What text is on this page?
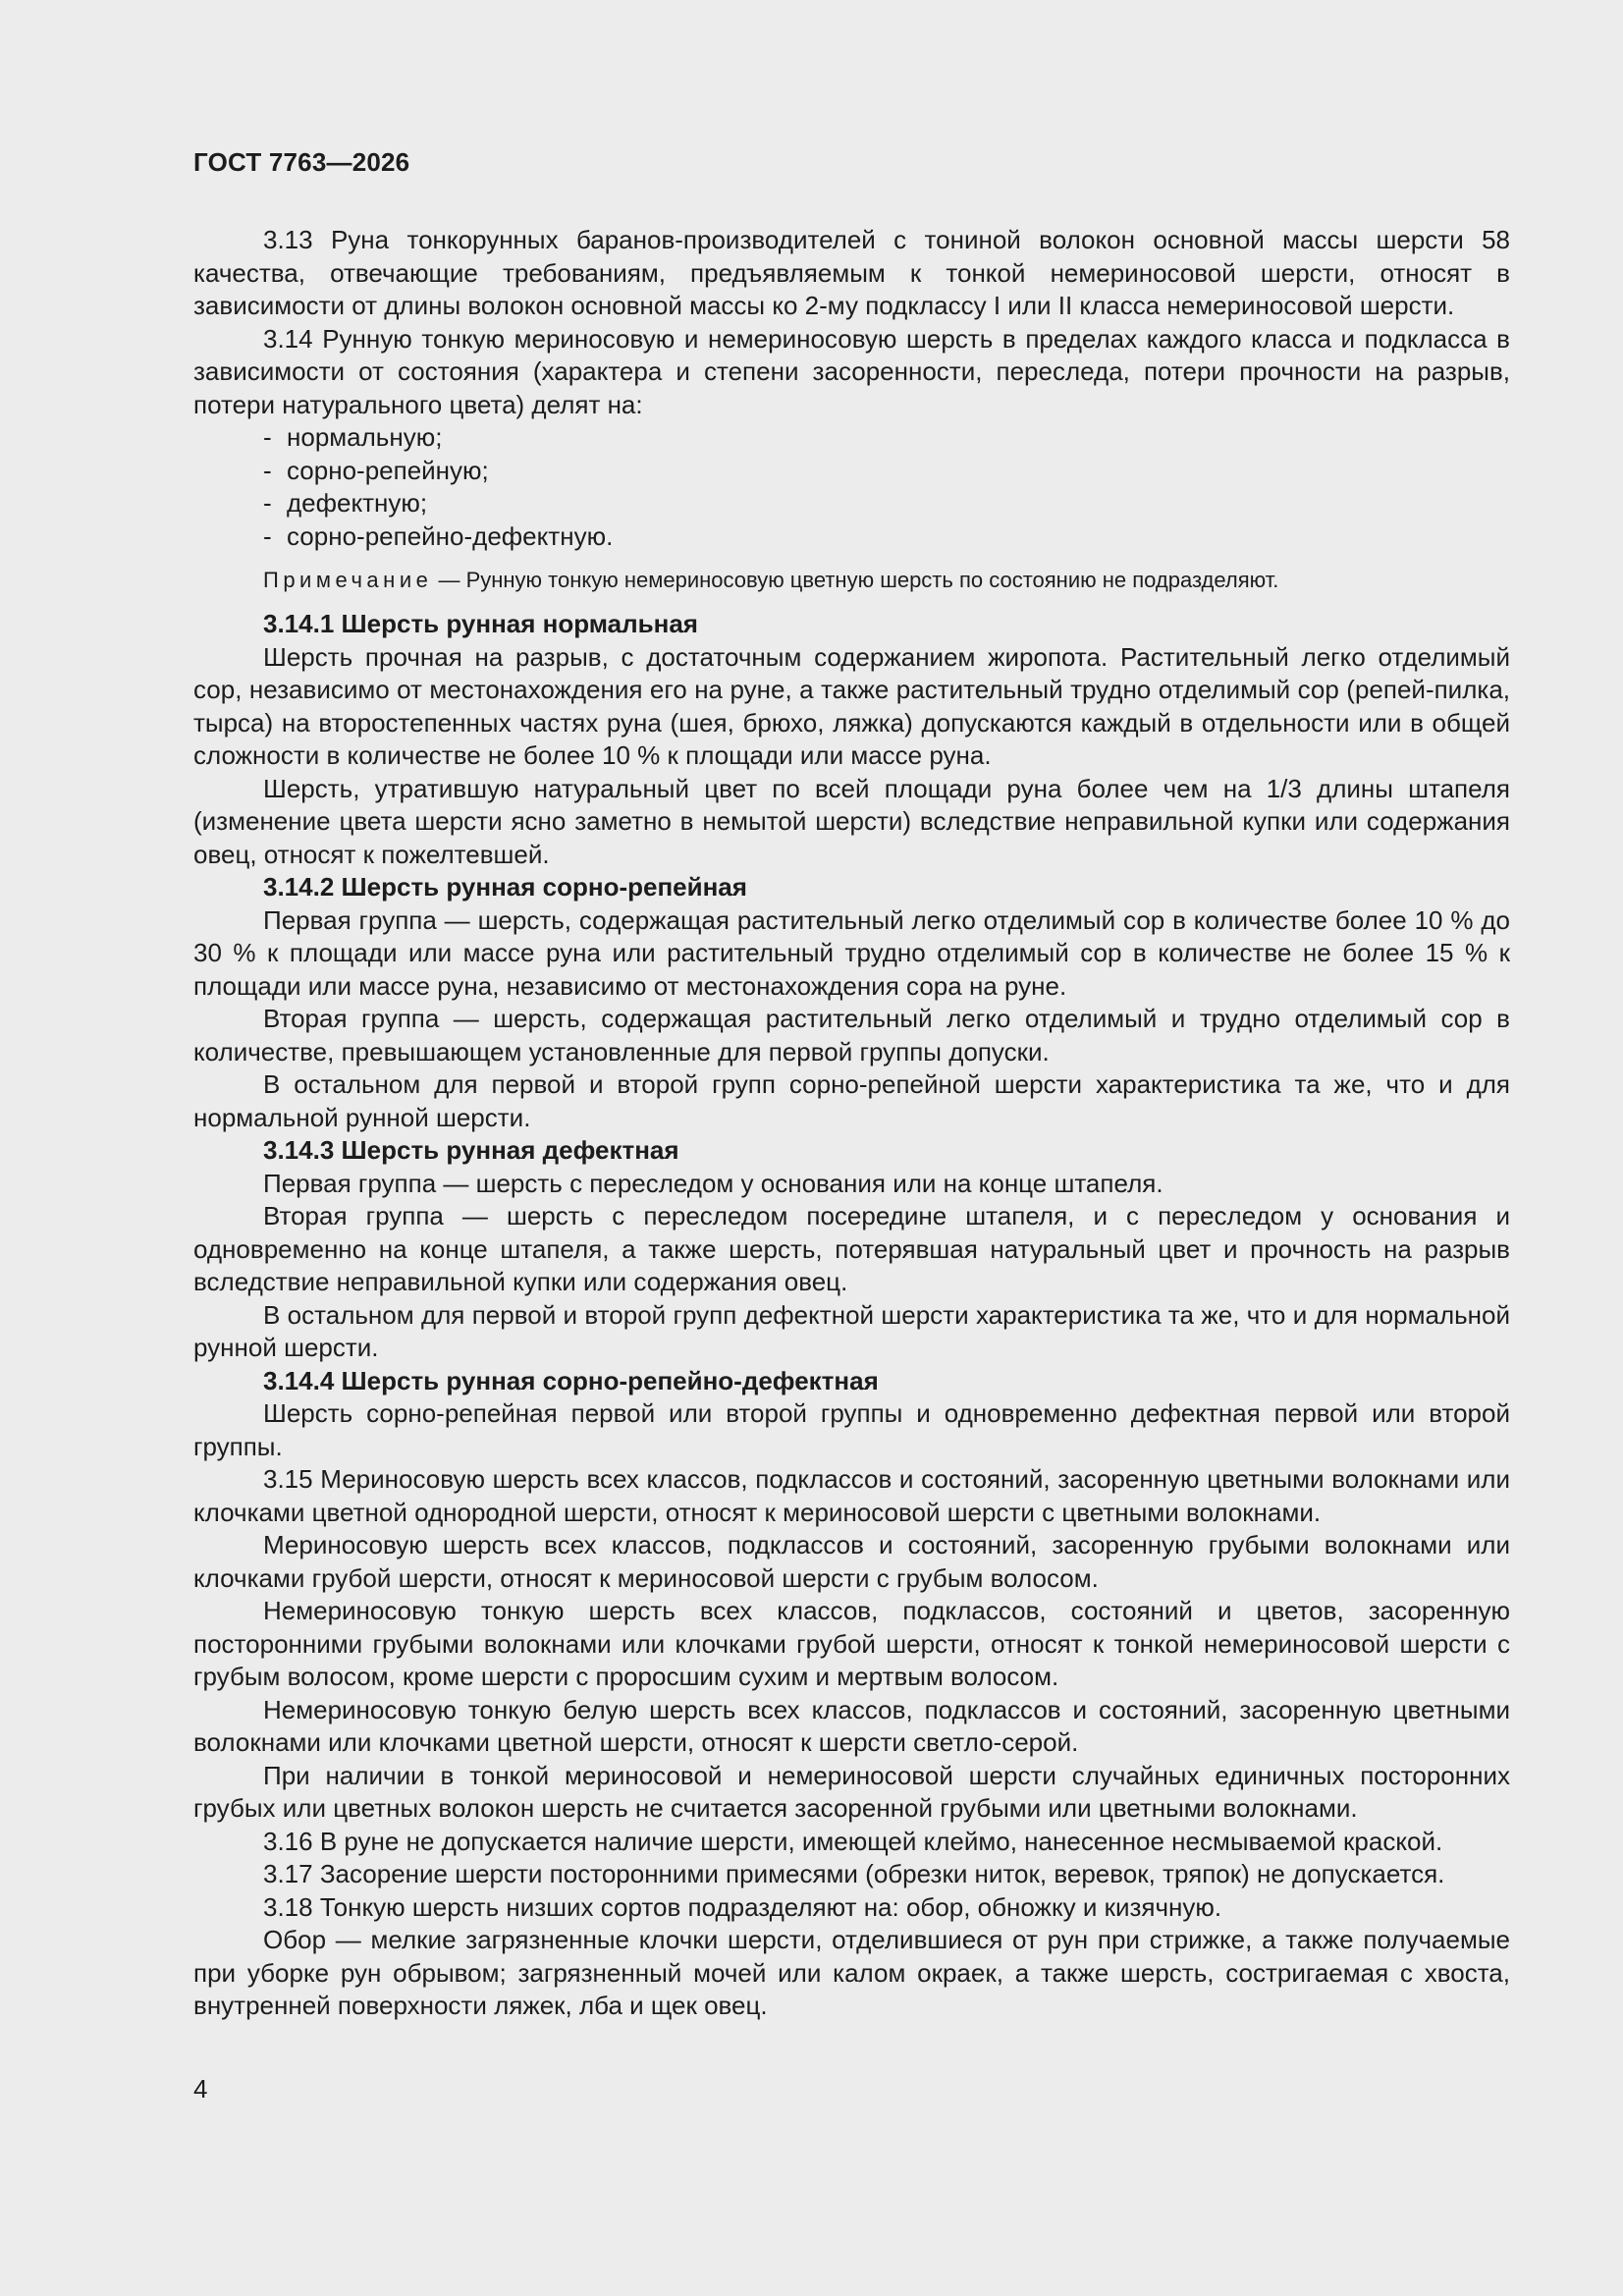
ГОСТ 7763—2026

3.13 Руна тонкорунных баранов-производителей с тониной волокон основной массы шерсти 58 качества, отвечающие требованиям, предъявляемым к тонкой немериносовой шерсти, относят в зависимости от длины волокон основной массы ко 2-му подклассу I или II класса немериносовой шерсти.

3.14 Рунную тонкую мериносовую и немериносовую шерсть в пределах каждого класса и подкласса в зависимости от состояния (характера и степени засоренности, переследа, потери прочности на разрыв, потери натурального цвета) делят на:

- нормальную;

- сорно-репейную;

- дефектную;

- сорно-репейно-дефектную.

Примечание — Рунную тонкую немериносовую цветную шерсть по состоянию не подразделяют.

3.14.1 Шерсть рунная нормальная

Шерсть прочная на разрыв, с достаточным содержанием жиропота. Растительный легко отделимый сор, независимо от местонахождения его на руне, а также растительный трудно отделимый сор (репей-пилка, тырса) на второстепенных частях руна (шея, брюхо, ляжка) допускаются каждый в отдельности или в общей сложности в количестве не более 10 % к площади или массе руна.

Шерсть, утратившую натуральный цвет по всей площади руна более чем на 1/3 длины штапеля (изменение цвета шерсти ясно заметно в немытой шерсти) вследствие неправильной купки или содержания овец, относят к пожелтевшей.

3.14.2 Шерсть рунная сорно-репейная

Первая группа — шерсть, содержащая растительный легко отделимый сор в количестве более 10 % до 30 % к площади или массе руна или растительный трудно отделимый сор в количестве не более 15 % к площади или массе руна, независимо от местонахождения сора на руне.

Вторая группа — шерсть, содержащая растительный легко отделимый и трудно отделимый сор в количестве, превышающем установленные для первой группы допуски.

В остальном для первой и второй групп сорно-репейной шерсти характеристика та же, что и для нормальной рунной шерсти.

3.14.3 Шерсть рунная дефектная

Первая группа — шерсть с переследом у основания или на конце штапеля.

Вторая группа — шерсть с переследом посередине штапеля, и с переследом у основания и одновременно на конце штапеля, а также шерсть, потерявшая натуральный цвет и прочность на разрыв вследствие неправильной купки или содержания овец.

В остальном для первой и второй групп дефектной шерсти характеристика та же, что и для нормальной рунной шерсти.

3.14.4 Шерсть рунная сорно-репейно-дефектная

Шерсть сорно-репейная первой или второй группы и одновременно дефектная первой или второй группы.

3.15 Мериносовую шерсть всех классов, подклассов и состояний, засоренную цветными волокнами или клочками цветной однородной шерсти, относят к мериносовой шерсти с цветными волокнами.

Мериносовую шерсть всех классов, подклассов и состояний, засоренную грубыми волокнами или клочками грубой шерсти, относят к мериносовой шерсти с грубым волосом.

Немериносовую тонкую шерсть всех классов, подклассов, состояний и цветов, засоренную посторонними грубыми волокнами или клочками грубой шерсти, относят к тонкой немериносовой шерсти с грубым волосом, кроме шерсти с проросшим сухим и мертвым волосом.

Немериносовую тонкую белую шерсть всех классов, подклассов и состояний, засоренную цветными волокнами или клочками цветной шерсти, относят к шерсти светло-серой.

При наличии в тонкой мериносовой и немериносовой шерсти случайных единичных посторонних грубых или цветных волокон шерсть не считается засоренной грубыми или цветными волокнами.

3.16 В руне не допускается наличие шерсти, имеющей клеймо, нанесенное несмываемой краской.

3.17 Засорение шерсти посторонними примесями (обрезки ниток, веревок, тряпок) не допускается.

3.18 Тонкую шерсть низших сортов подразделяют на: обор, обножку и кизячную.

Обор — мелкие загрязненные клочки шерсти, отделившиеся от рун при стрижке, а также получаемые при уборке рун обрывом; загрязненный мочей или калом окраек, а также шерсть, состригаемая с хвоста, внутренней поверхности ляжек, лба и щек овец.

4
